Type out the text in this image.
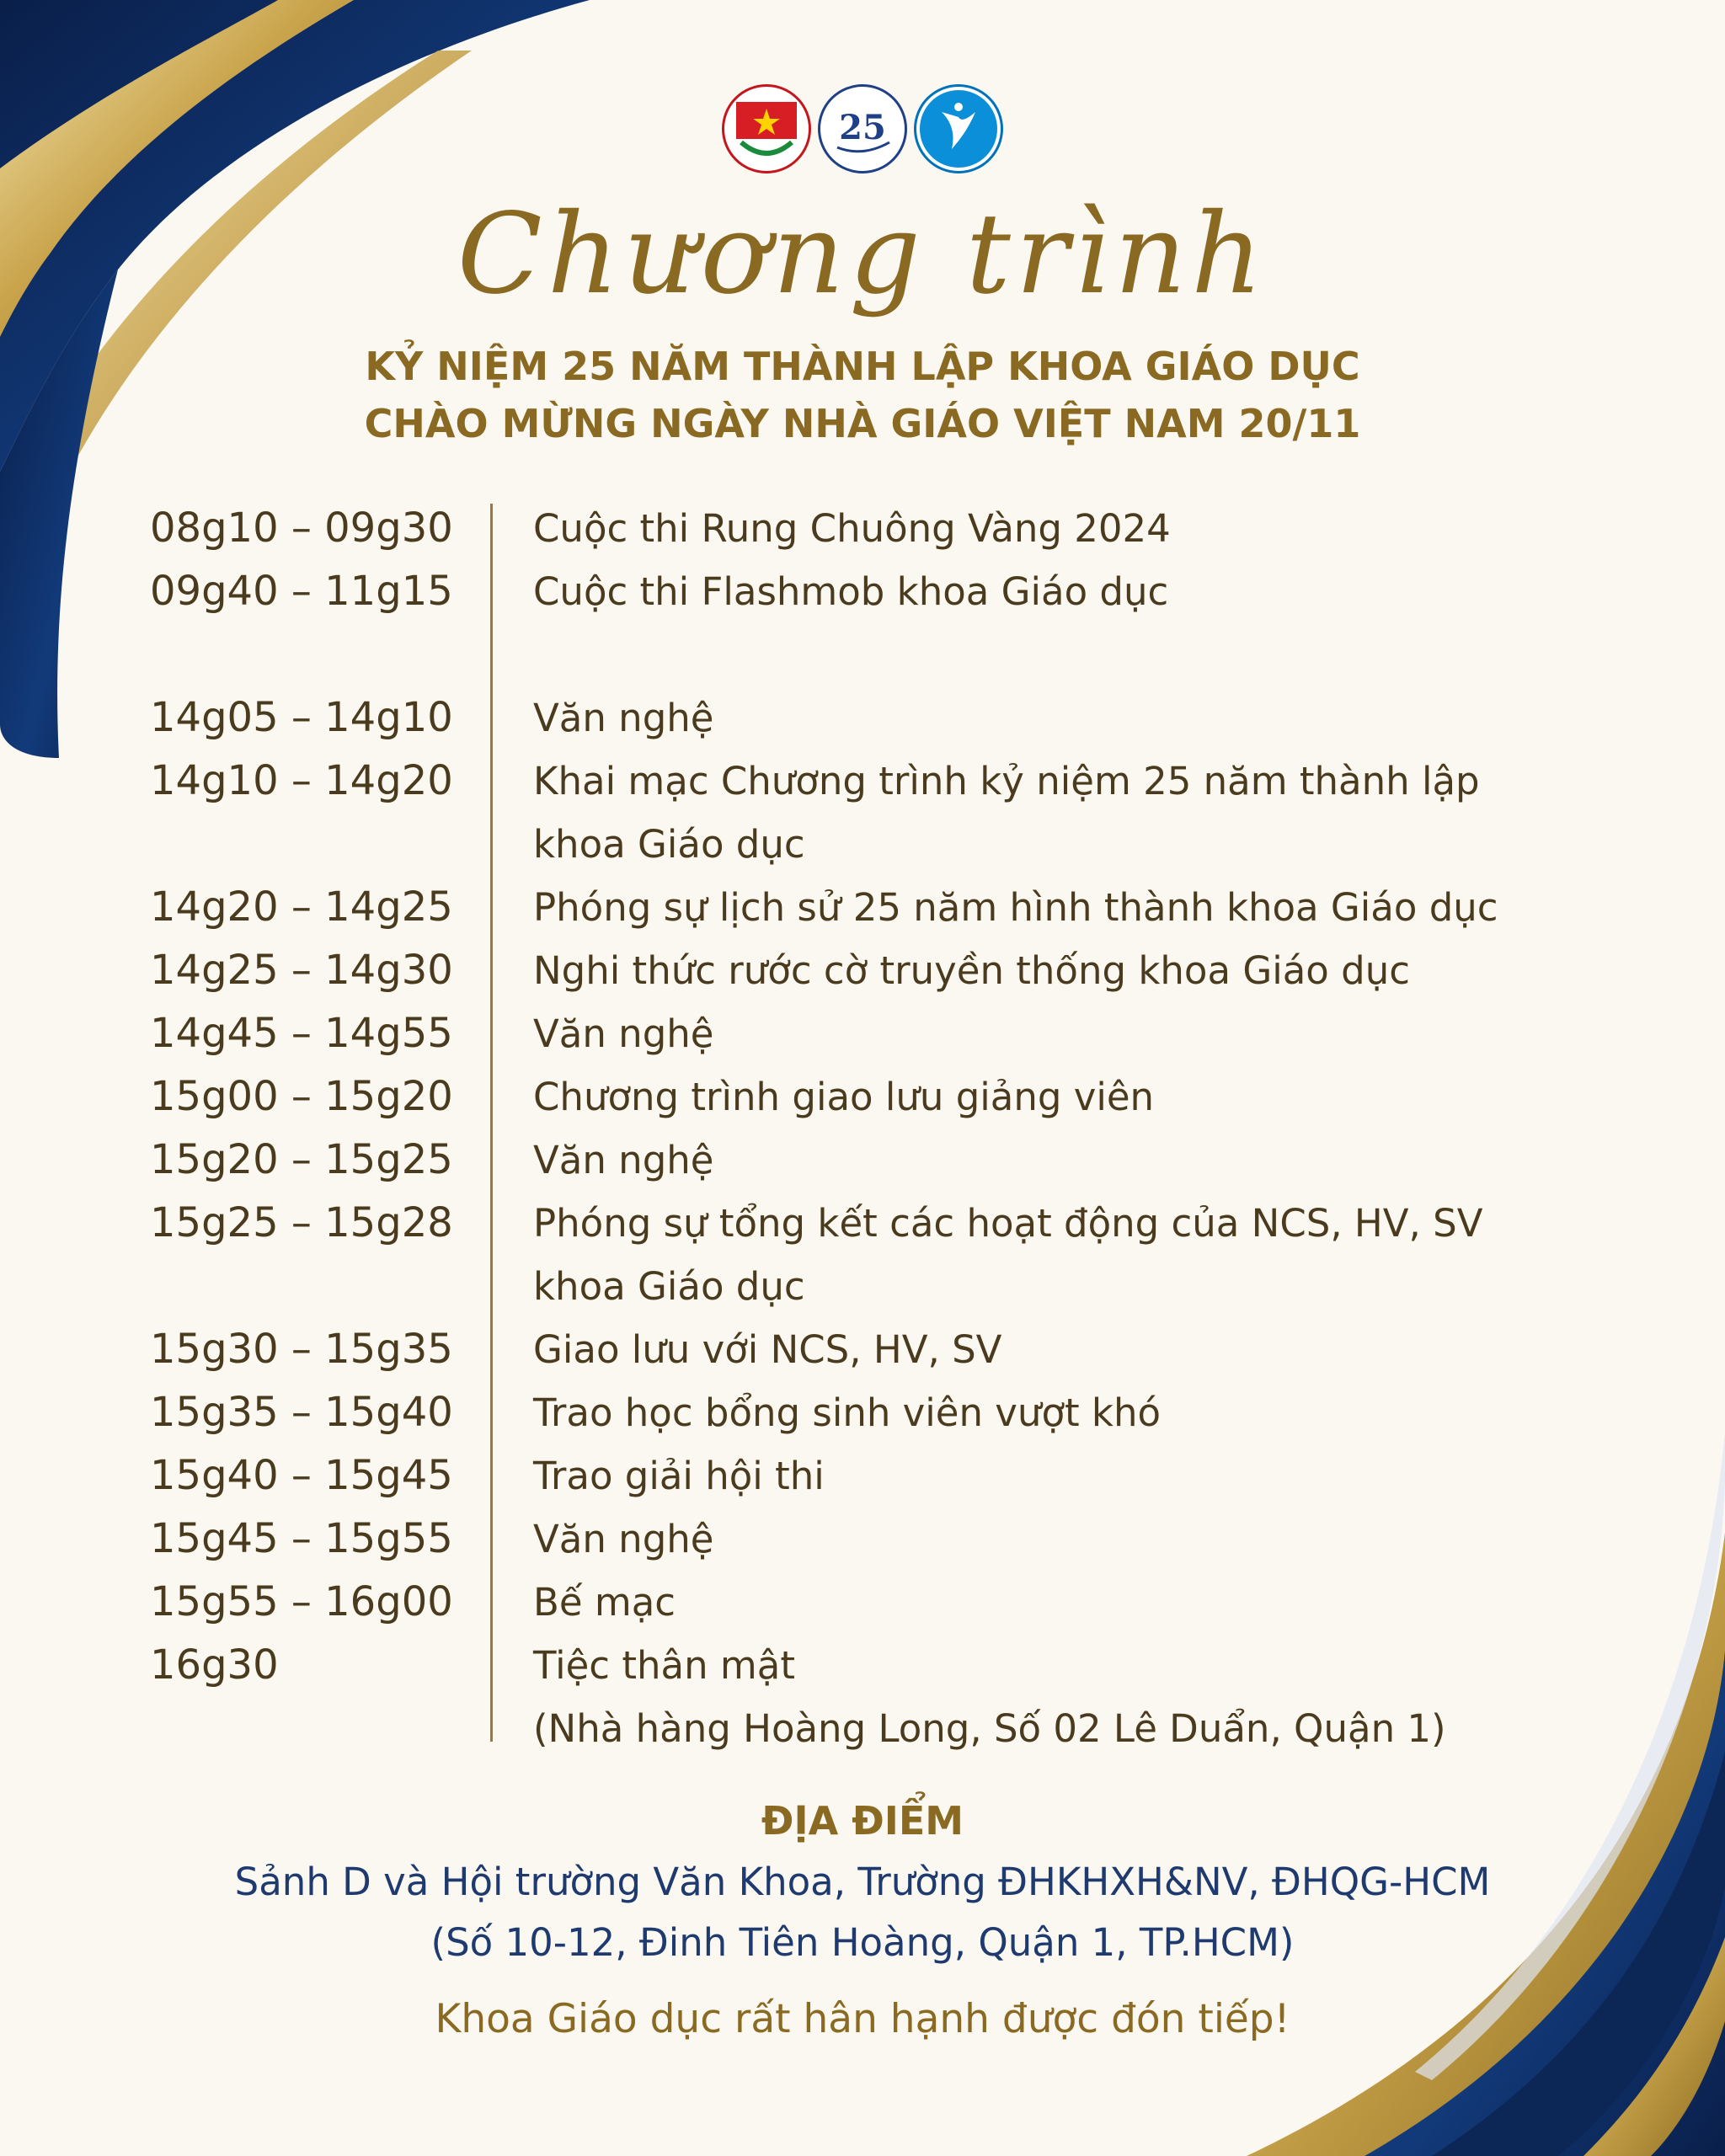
25
Chương trình
KỶ NIỆM 25 NĂM THÀNH LẬP KHOA GIÁO DỤC
CHÀO MỪNG NGÀY NHÀ GIÁO VIỆT NAM 20/11
08g10 – 09g30	Cuộc thi Rung Chuông Vàng 2024
09g40 – 11g15	Cuộc thi Flashmob khoa Giáo dục
14g05 – 14g10	Văn nghệ
14g10 – 14g20	Khai mạc Chương trình kỷ niệm 25 năm thành lập
khoa Giáo dục
14g20 – 14g25	Phóng sự lịch sử 25 năm hình thành khoa Giáo dục
14g25 – 14g30	Nghi thức rước cờ truyền thống khoa Giáo dục
14g45 – 14g55	Văn nghệ
15g00 – 15g20	Chương trình giao lưu giảng viên
15g20 – 15g25	Văn nghệ
15g25 – 15g28	Phóng sự tổng kết các hoạt động của NCS, HV, SV
khoa Giáo dục
15g30 – 15g35	Giao lưu với NCS, HV, SV
15g35 – 15g40	Trao học bổng sinh viên vượt khó
15g40 – 15g45	Trao giải hội thi
15g45 – 15g55	Văn nghệ
15g55 – 16g00	Bế mạc
16g30	Tiệc thân mật
(Nhà hàng Hoàng Long, Số 02 Lê Duẩn, Quận 1)
ĐỊA ĐIỂM
Sảnh D và Hội trường Văn Khoa, Trường ĐHKHXH&NV, ĐHQG-HCM
(Số 10-12, Đinh Tiên Hoàng, Quận 1, TP.HCM)
Khoa Giáo dục rất hân hạnh được đón tiếp!
